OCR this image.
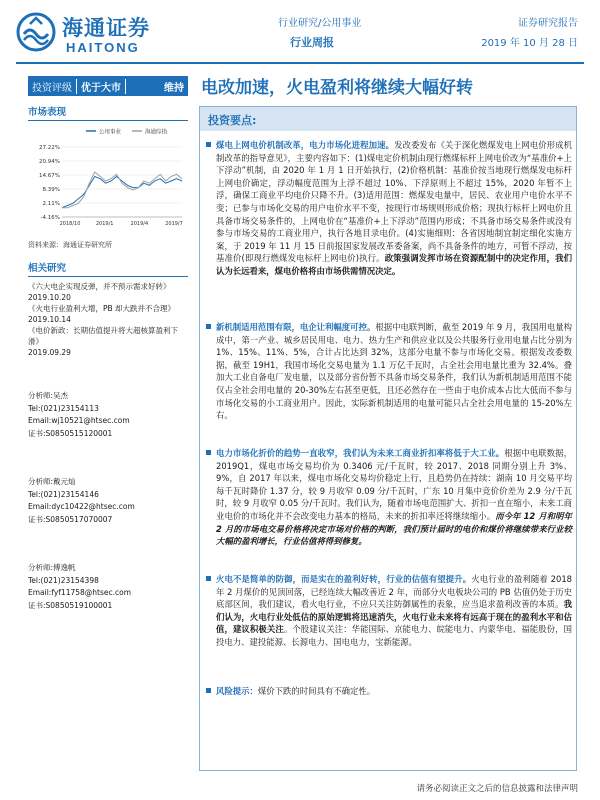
海通证券
HAITONG
行业研究/公用事业
行业周报
证券研究报告
2019 年 10 月 28 日
投资评级 优于大市	维持 电改加速，火电盈利将继续大幅好转
市场表现
公用事业	海通综指
27.22%
20.94%
14.67%
8.39%
2.11%
-4.16%
2018/10	2019/1	2019/4	2019/7
资料来源：海通证券研究所
相关研究
《六大电企实现反弹，并不预示需求好转》
2019.10.20
《火电行业盈利大增，PB 却大跌并不合理》
2019.10.14
《电价新政：长期估值提升将大超核算盈利下滑》
2019.09.29
分析师:吴杰
Tel:(021)23154113
Email:wj10521@htsec.com
证书:S0850515120001
分析师:戴元灿
Tel:(021)23154146
Email:dyc10422@htsec.com
证书:S0850517070007
分析师:傅逸帆
Tel:(021)23154398
Email:fyf11758@htsec.com
证书:S0850519100001
投资要点:
煤电上网电价机制改革，电力市场化进程加速。发改委发布《关于深化燃煤发电上网电价形成机制改革的指导意见》，主要内容如下：(1)煤电定价机制由现行燃煤标杆上网电价改为“基准价+上下浮动”机制，由 2020 年 1 月 1 日开始执行，(2)价格机制：基准价按当地现行燃煤发电标杆上网电价确定，浮动幅度范围为上浮不超过 10%、下浮原则上不超过 15%，2020 年暂不上浮，确保工商业平均电价只降不升。(3)适用范围：燃煤发电量中，居民、农业用户电价水平不变；已参与市场化交易的用户电价水平不变，按现行市场规则形成价格；现执行标杆上网电价且具备市场交易条件的，上网电价在“基准价+上下浮动”范围内形成；不具备市场交易条件或没有参与市场交易的工商业用户，执行各地目录电价。(4)实施细则：各省因地制宜制定细化实施方案，于 2019 年 11 月 15 日前报国家发展改革委备案，尚不具备条件的地方，可暂不浮动，按基准价(即现行燃煤发电标杆上网电价)执行。政策强调发挥市场在资源配制中的决定作用，我们认为长远看来，煤电价格将由市场供需情况决定。
新机制适用范围有限，电企让利幅度可控。根据中电联判断，截至 2019 年 9 月，我国用电量构成中，第一产业、城乡居民用电、电力、热力生产和供应业以及公共服务行业用电量占比分别为 1%、15%、11%、5%，合计占比达到 32%，这部分电量不参与市场化交易。根据发改委数据，截至 19H1，我国市场化交易电量为 1.1 万亿千瓦时，占全社会用电量比重为 32.4%。叠加大工业自备电厂发电量，以及部分省份暂不具备市场交易条件，我们认为新机制适用范围不能仅占全社会用电量的 20-30%左右甚至更低，且还必然存在一些由于电价成本占比大低而不参与市场化交易的小工商业用户。因此，实际新机制适用的电量可能只占全社会用电量的 15-20%左右。
电力市场化折价的趋势一直收窄，我们认为未来工商业折扣率将低于大工业。根据中电联数据，2019Q1，煤电市场交易均价为 0.3406 元/千瓦时，较 2017、2018 同期分别上升 3%、9%，自 2017 年以来，煤电市场化交易均价稳定上行，且趋势仍在持续：湖南 10 月交易平均每千瓦时降价 1.37 分，较 9 月收窄 0.09 分/千瓦时，广东 10 月集中竞价价差为 2.9 分/千瓦时，较 9 月收窄 0.05 分/千瓦时。我们认为，随着市场电范围扩大、折扣一直在缩小，未来工商业电价的市场化并不会改变电力基本的格局，未来的折扣率还将继续缩小。而今年 12 月和明年 2 月的市场电交易价格将决定市场对价格的判断，我们预计届时的电价和煤价将继续带来行业较大幅的盈利增长，行业估值将得到修复。
火电不是简单的防御，而是实在的盈利好转，行业的估值有望提升。火电行业的盈利随着 2018 年 2 月煤价的见顶回落，已经连续大幅改善近 2 年，而部分火电板块公司的 PB 估值仍处于历史底部区间，我们建议，看火电行业，不应只关注防御属性的表象，应当追求盈利改善的本质。我们认为，火电行业处低估的原始逻辑将迅速消失，火电行业未来将有远高于现在的盈利水平和估值，建议积极关注。个股建议关注：华能国际、京能电力、皖能电力、内蒙华电、福能股份，国投电力、建投能源、长源电力、国电电力，宝新能源。
风险提示：煤价下跌的时间具有不确定性。
请务必阅读正文之后的信息披露和法律声明
